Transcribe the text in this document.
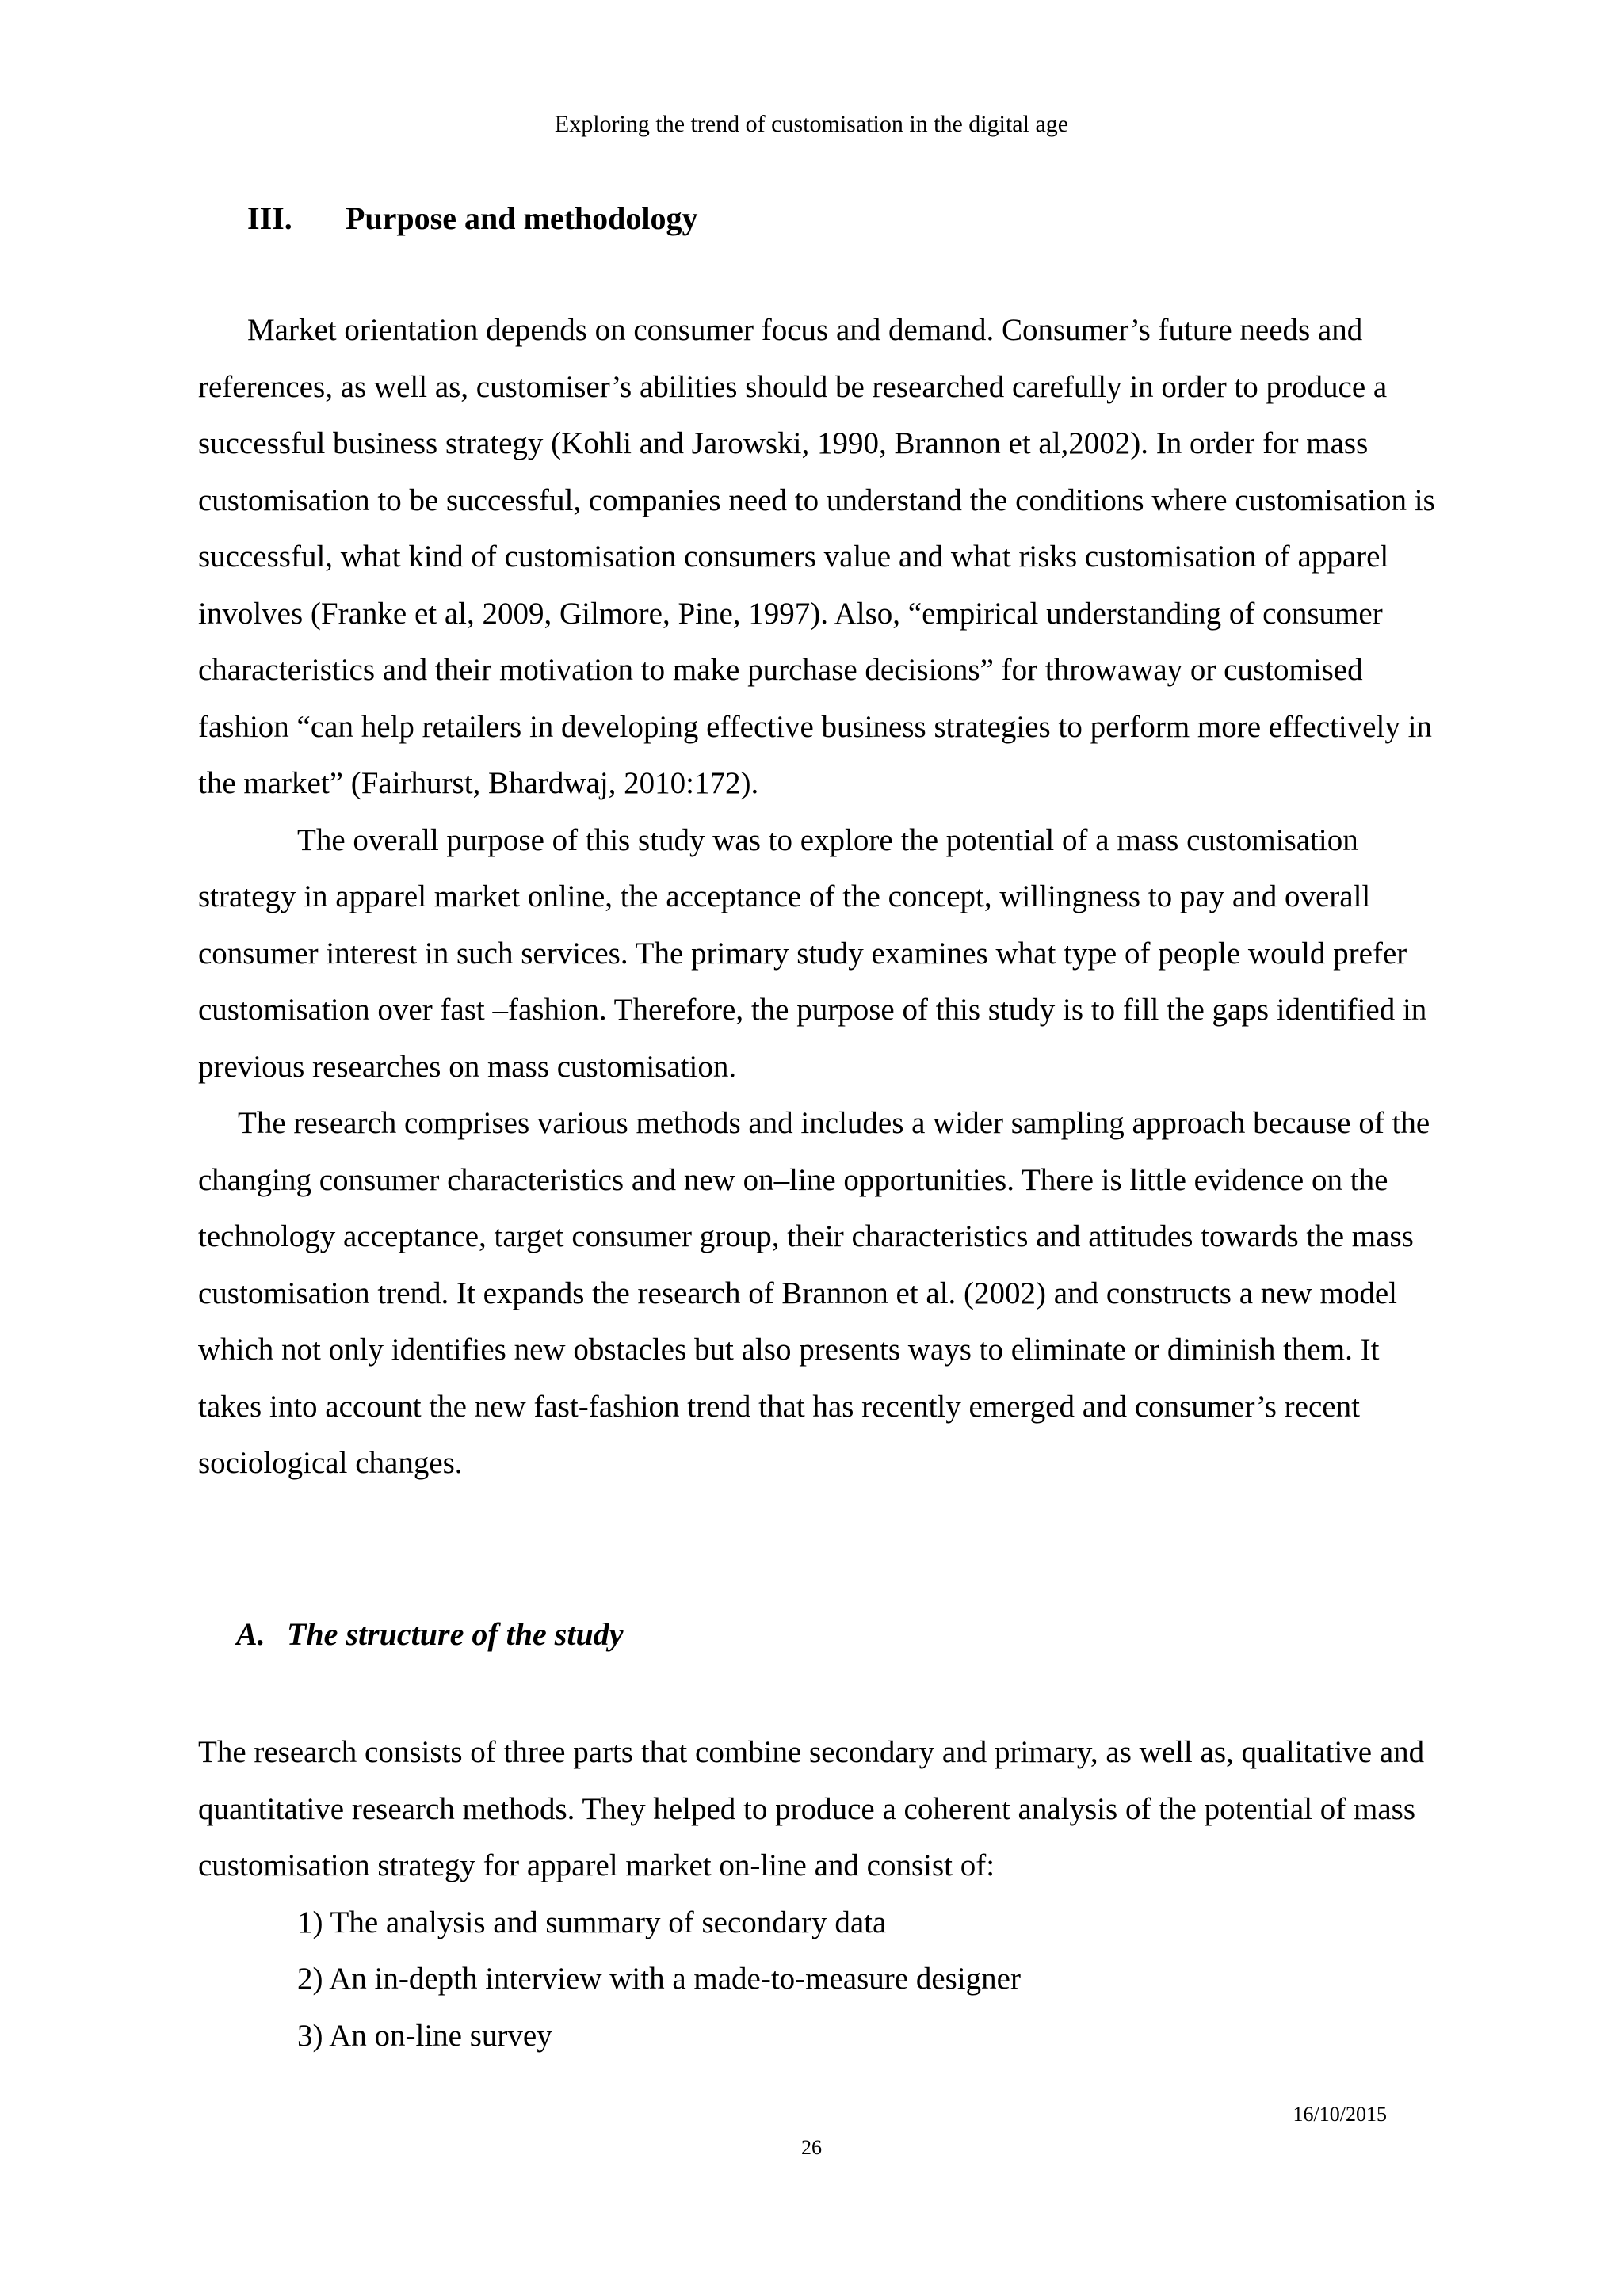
Exploring the trend of customisation in the digital age
III. Purpose and methodology

Market orientation depends on consumer focus and demand. Consumer’s future needs and references, as well as, customiser’s abilities should be researched carefully in order to produce a successful business strategy (Kohli and Jarowski, 1990, Brannon et al,2002). In order for mass customisation to be successful, companies need to understand the conditions where customisation is successful, what kind of customisation consumers value and what risks customisation of apparel involves (Franke et al, 2009, Gilmore, Pine, 1997). Also, “empirical understanding of consumer characteristics and their motivation to make purchase decisions” for throwaway or customised fashion “can help retailers in developing effective business strategies to perform more effectively in the market” (Fairhurst, Bhardwaj, 2010:172).

The overall purpose of this study was to explore the potential of a mass customisation strategy in apparel market online, the acceptance of the concept, willingness to pay and overall consumer interest in such services. The primary study examines what type of people would prefer customisation over fast –fashion. Therefore, the purpose of this study is to fill the gaps identified in previous researches on mass customisation.

The research comprises various methods and includes a wider sampling approach because of the changing consumer characteristics and new on–line opportunities. There is little evidence on the technology acceptance, target consumer group, their characteristics and attitudes towards the mass customisation trend. It expands the research of Brannon et al. (2002) and constructs a new model which not only identifies new obstacles but also presents ways to eliminate or diminish them. It takes into account the new fast-fashion trend that has recently emerged and consumer’s recent sociological changes.

A. The structure of the study

The research consists of three parts that combine secondary and primary, as well as, qualitative and quantitative research methods. They helped to produce a coherent analysis of the potential of mass customisation strategy for apparel market on-line and consist of:

1) The analysis and summary of secondary data
2) An in-depth interview with a made-to-measure designer
3) An on-line survey
16/10/2015
26
